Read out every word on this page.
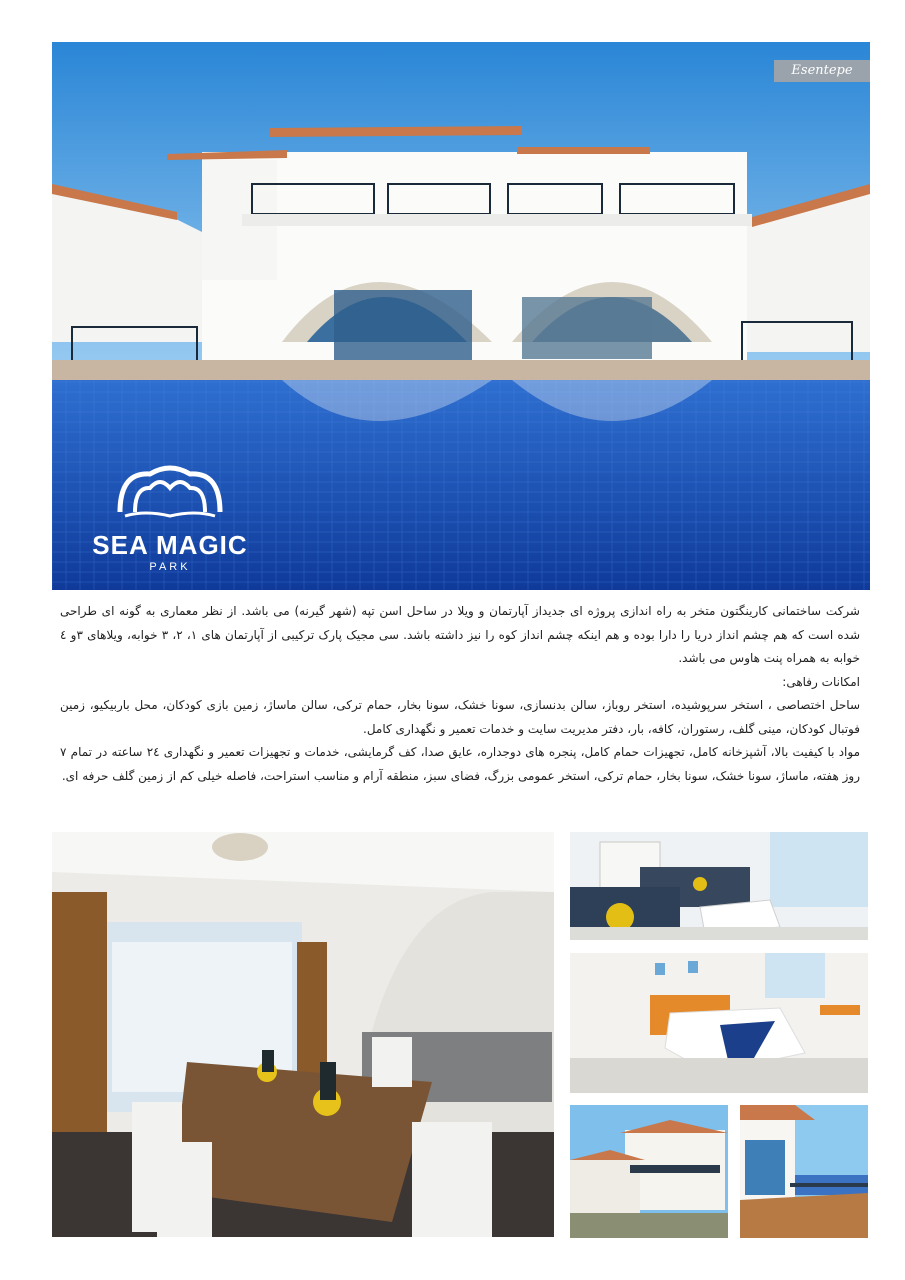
Esentepe
SEA MAGIC
PARK

شرکت ساختمانی کارینگتون متخر به راه اندازی پروژه ای جدیداز آپارتمان و ویلا در ساحل اسن تپه (شهر گیرنه) می باشد. از نظر معماری به گونه ای طراحی شده است که هم چشم انداز دریا را دارا بوده و هم اینکه چشم انداز کوه را نیز داشته باشد. سی مجیک پارک ترکیبی از آپارتمان های ۱، ۲، ۳ خوابه، ویلاهای ۳و ٤ خوابه به همراه پنت هاوس می باشد.

امکانات رفاهی:

ساحل اختصاصی ، استخر سرپوشیده، استخر روباز، سالن بدنسازی، سونا خشک، سونا بخار، حمام ترکی، سالن ماساژ، زمین بازی کودکان، محل باربیکیو، زمین فوتبال کودکان، مینی گلف، رستوران، کافه، بار، دفتر مدیریت سایت و خدمات تعمیر و نگهداری کامل.

مواد با کیفیت بالا، آشپزخانه کامل، تجهیزات حمام کامل، پنجره های دوجداره، عایق صدا، کف گرمایشی، خدمات و تجهیزات تعمیر و نگهداری ٢٤ ساعته در تمام ۷ روز هفته، ماساژ، سونا خشک، سونا بخار، حمام ترکی، استخر عمومی بزرگ، فضای سبز، منطقه آرام و مناسب استراحت، فاصله خیلی کم از زمین گلف حرفه ای.
